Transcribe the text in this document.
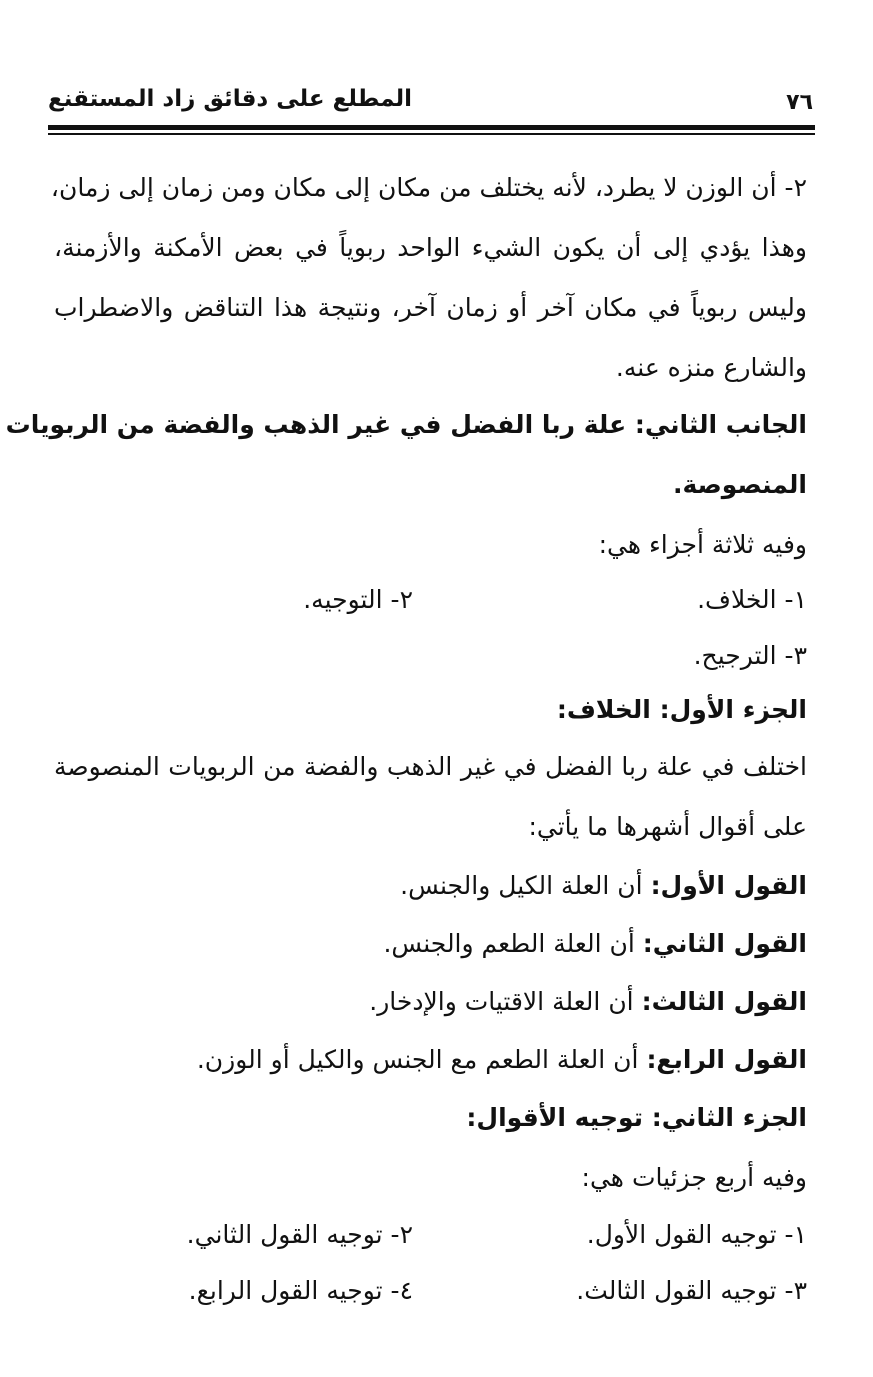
٧٦
المطلع على دقائق زاد المستقنع
٢- أن الوزن لا يطرد، لأنه يختلف من مكان إلى مكان ومن زمان إلى زمان،
وهذا يؤدي إلى أن يكون الشيء الواحد ربوياً في بعض الأمكنة والأزمنة،
وليس ربوياً في مكان آخر أو زمان آخر، ونتيجة هذا التناقض والاضطراب
والشارع منزه عنه.
الجانب الثاني: علة ربا الفضل في غير الذهب والفضة من الربويات
المنصوصة.
وفيه ثلاثة أجزاء هي:
١- الخلاف.
٢- التوجيه.
٣- الترجيح.
الجزء الأول: الخلاف:
اختلف في علة ربا الفضل في غير الذهب والفضة من الربويات المنصوصة
على أقوال أشهرها ما يأتي:
القول الأول: أن العلة الكيل والجنس.
القول الثاني: أن العلة الطعم والجنس.
القول الثالث: أن العلة الاقتيات والإدخار.
القول الرابع: أن العلة الطعم مع الجنس والكيل أو الوزن.
الجزء الثاني: توجيه الأقوال:
وفيه أربع جزئيات هي:
١- توجيه القول الأول.
٢- توجيه القول الثاني.
٣- توجيه القول الثالث.
٤- توجيه القول الرابع.
